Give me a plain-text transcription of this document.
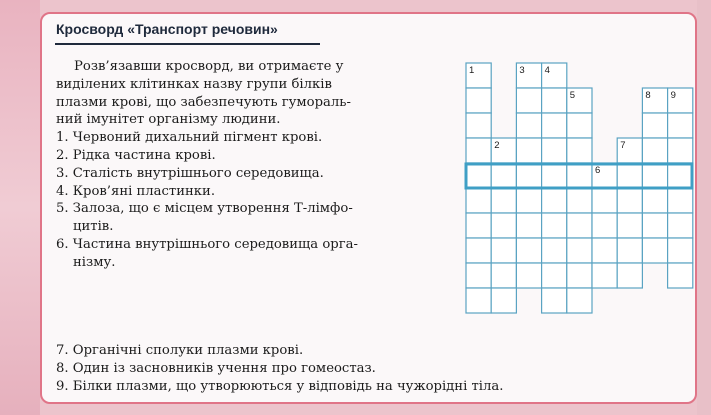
Кросворд «Транспорт речовин»

Розв’язавши кросворд, ви отримаєте у

виділених клітинках назву групи білків

плазми крові, що забезпечують гумораль-

ний імунітет організму людини.

1. Червоний дихальний пігмент крові.

2. Рідка частина крові.

3. Сталість внутрішнього середовища.

4. Кров’яні пластинки.

5. Залоза, що є місцем утворення Т-лімфо-

цитів.

6. Частина внутрішнього середовища орга-

нізму.

7. Органічні сполуки плазми крові.
8. Один із засновників учення про гомеостаз.
9. Білки плазми, що утворюються у відповідь на чужорідні тіла.
1
2
3 4
5
6
7
8 9
